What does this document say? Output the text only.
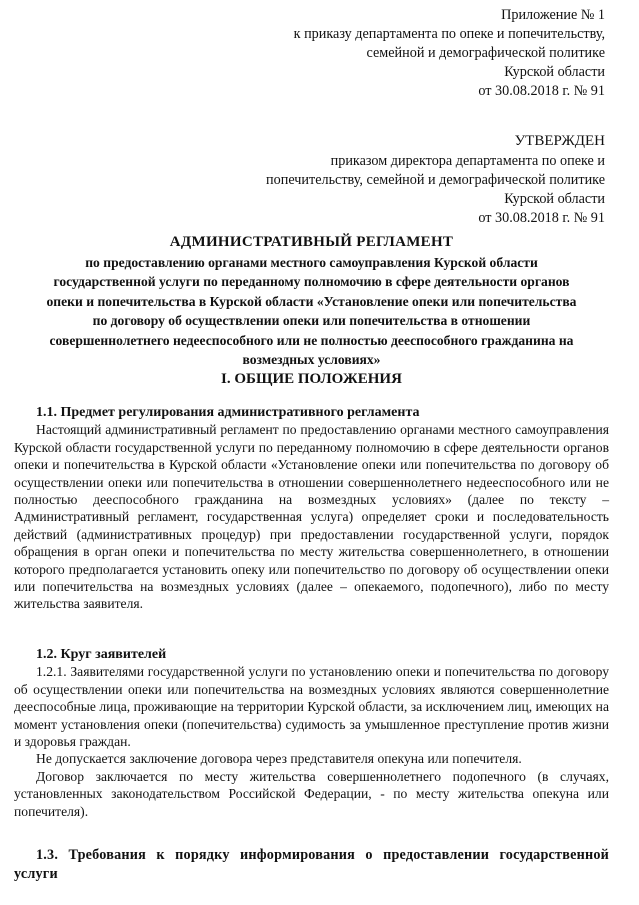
Приложение № 1
к приказу департамента по опеке и попечительству,
семейной и демографической политике
Курской области
от 30.08.2018 г. № 91
УТВЕРЖДЕН
приказом директора департамента по опеке и
попечительству, семейной и демографической политике
Курской области
от 30.08.2018 г. № 91
АДМИНИСТРАТИВНЫЙ РЕГЛАМЕНТ
по предоставлению органами местного самоуправления Курской области
государственной услуги по переданному полномочию в сфере деятельности органов
опеки и попечительства в Курской области «Установление опеки или попечительства
по договору об осуществлении опеки или попечительства в отношении
совершеннолетнего недееспособного или не полностью дееспособного гражданина на
возмездных условиях»
I. ОБЩИЕ ПОЛОЖЕНИЯ

1.1. Предмет регулирования административного регламента

Настоящий административный регламент по предоставлению органами местного самоуправления Курской области государственной услуги по переданному полномочию в сфере деятельности органов опеки и попечительства в Курской области «Установление опеки или попечительства по договору об осуществлении опеки или попечительства в отношении совершеннолетнего недееспособного или не полностью дееспособного гражданина на возмездных условиях» (далее по тексту – Административный регламент, государственная услуга) определяет сроки и последовательность действий (административных процедур) при предоставлении государственной услуги, порядок обращения в орган опеки и попечительства по месту жительства совершеннолетнего, в отношении которого предполагается установить опеку или попечительство по договору об осуществлении опеки или попечительства на возмездных условиях (далее – опекаемого, подопечного), либо по месту жительства заявителя.

1.2. Круг заявителей

1.2.1. Заявителями государственной услуги по установлению опеки и попечительства по договору об осуществлении опеки или попечительства на возмездных условиях являются совершеннолетние дееспособные лица, проживающие на территории Курской области, за исключением лиц, имеющих на момент установления опеки (попечительства) судимость за умышленное преступление против жизни и здоровья граждан.

Не допускается заключение договора через представителя опекуна или попечителя.

Договор заключается по месту жительства совершеннолетнего подопечного (в случаях, установленных законодательством Российской Федерации, - по месту жительства опекуна или попечителя).

1.3. Требования к порядку информирования о предоставлении государственной услуги
